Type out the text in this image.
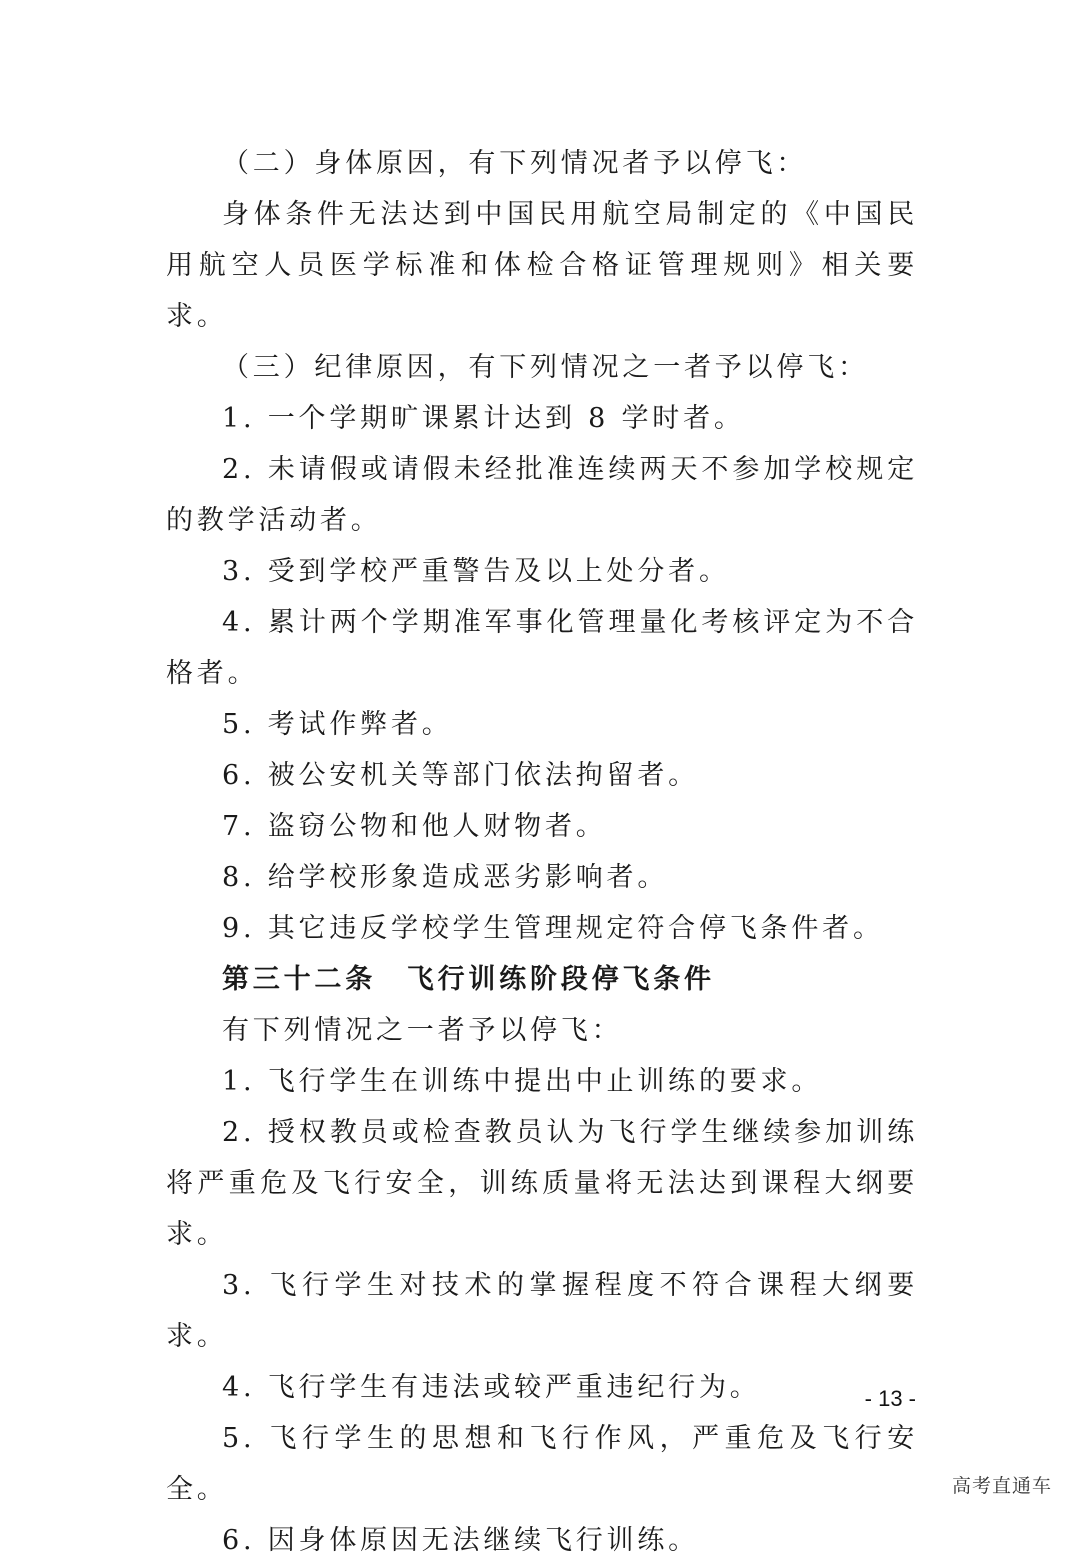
（二）身体原因，有下列情况者予以停飞：

身体条件无法达到中国民用航空局制定的《中国民用航空人员医学标准和体检合格证管理规则》相关要求。

（三）纪律原因，有下列情况之一者予以停飞：

1. 一个学期旷课累计达到 8 学时者。

2. 未请假或请假未经批准连续两天不参加学校规定的教学活动者。

3. 受到学校严重警告及以上处分者。

4. 累计两个学期准军事化管理量化考核评定为不合格者。

5. 考试作弊者。

6. 被公安机关等部门依法拘留者。

7. 盗窃公物和他人财物者。

8. 给学校形象造成恶劣影响者。

9. 其它违反学校学生管理规定符合停飞条件者。

第三十二条　飞行训练阶段停飞条件

有下列情况之一者予以停飞：

1. 飞行学生在训练中提出中止训练的要求。

2. 授权教员或检查教员认为飞行学生继续参加训练将严重危及飞行安全，训练质量将无法达到课程大纲要求。

3. 飞行学生对技术的掌握程度不符合课程大纲要求。

4. 飞行学生有违法或较严重违纪行为。

5. 飞行学生的思想和飞行作风，严重危及飞行安全。

6. 因身体原因无法继续飞行训练。

- 13 -
高考直通车
